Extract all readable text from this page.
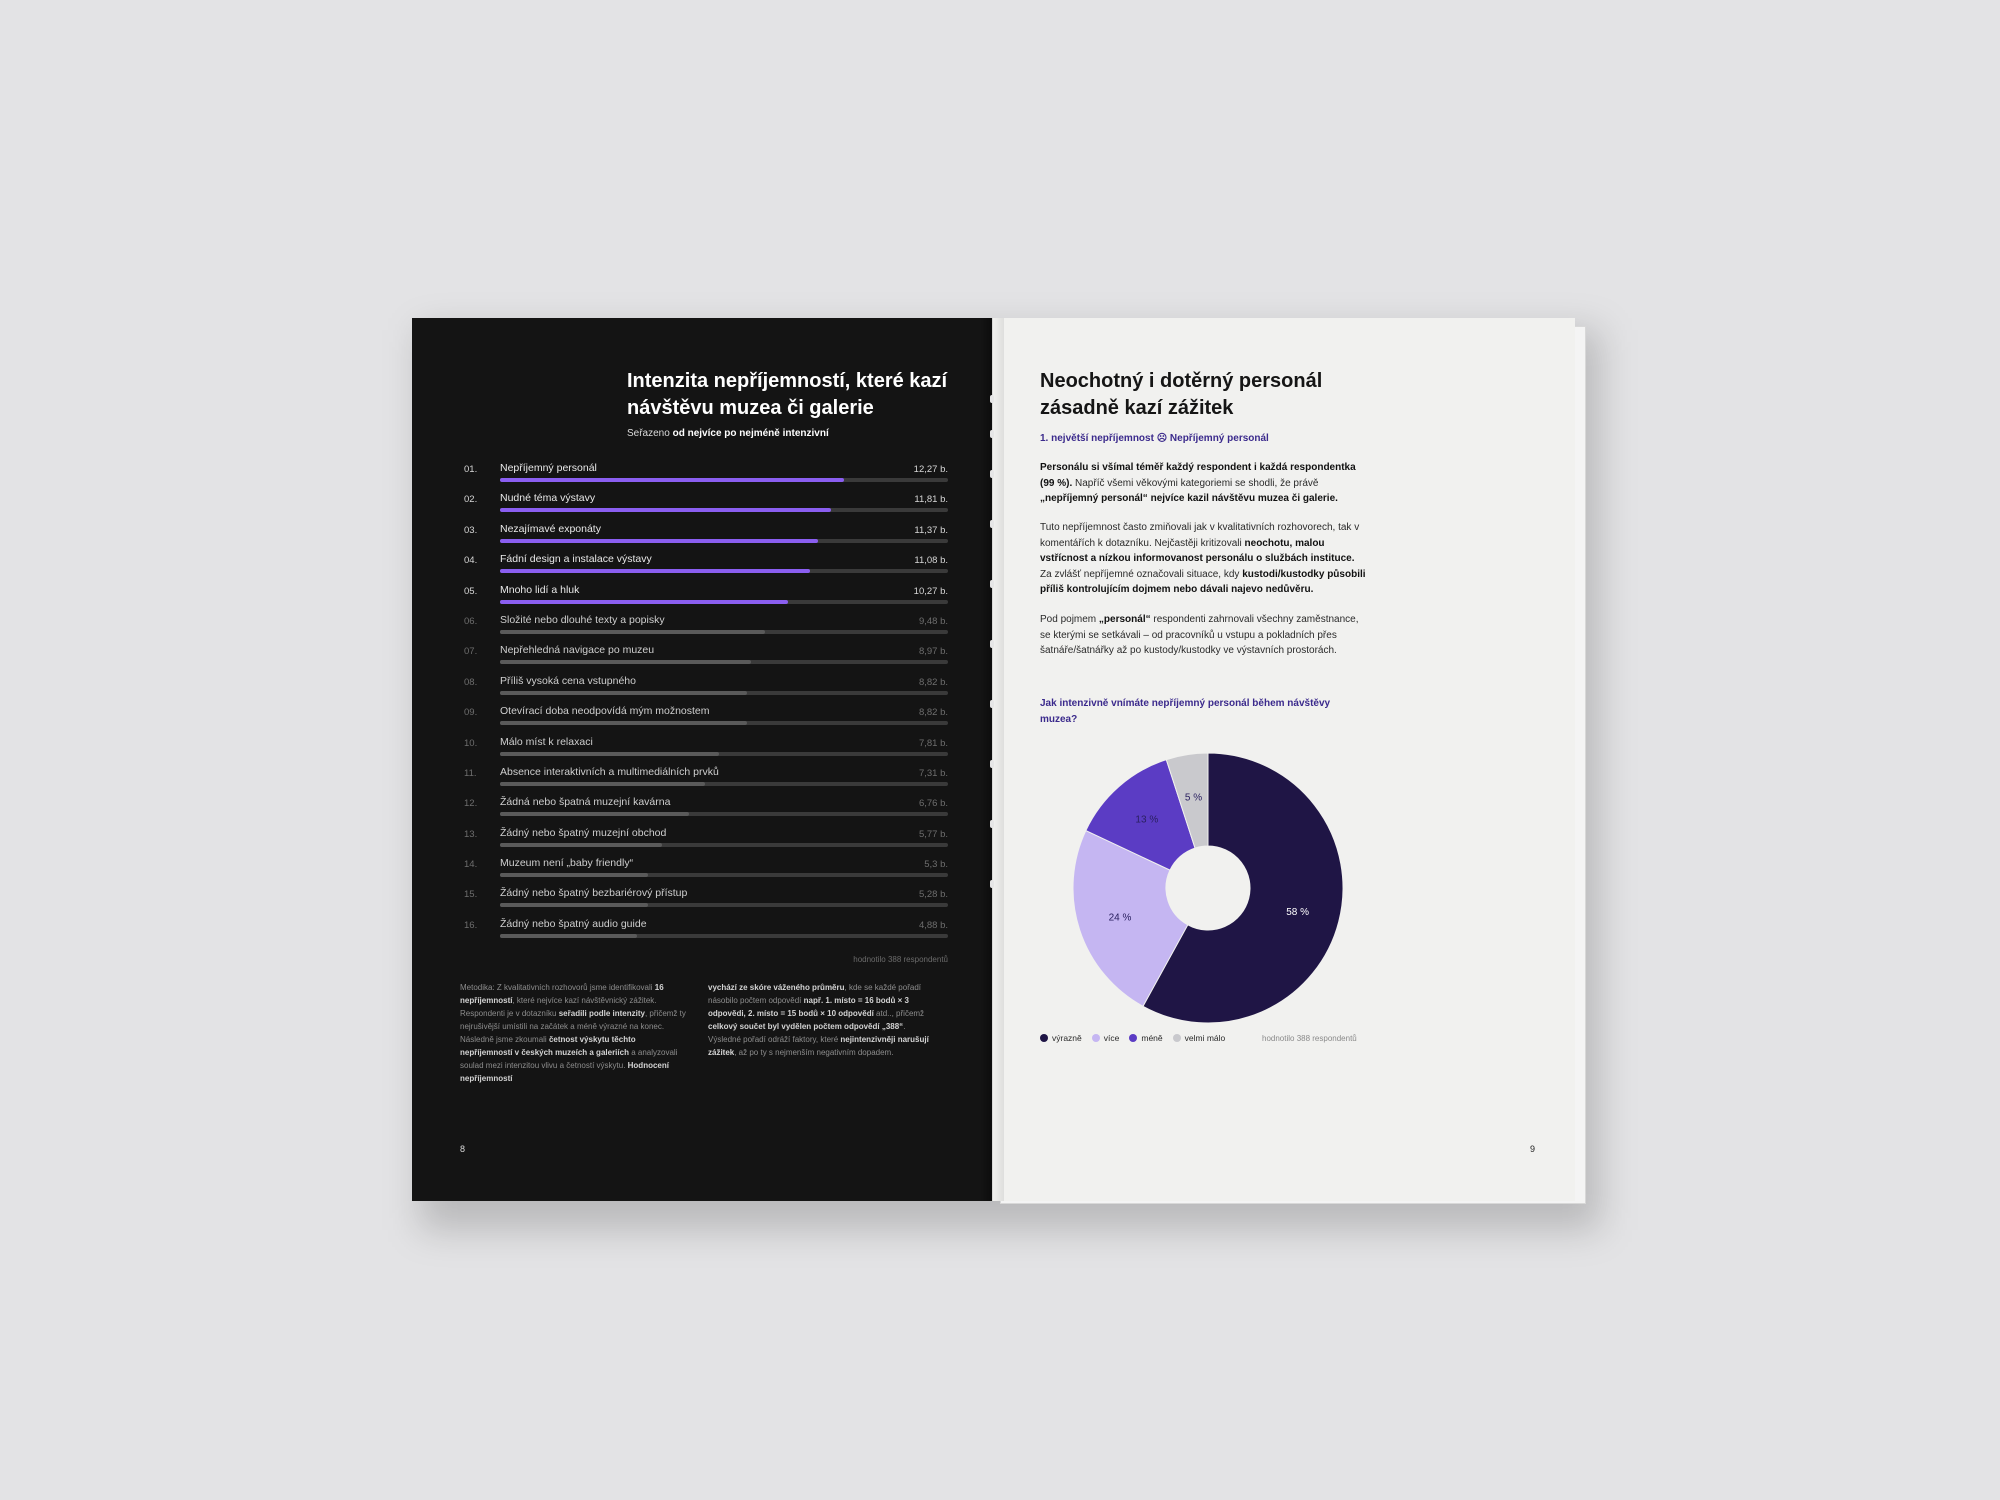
Intenzita nepříjemností, které kazí návštěvu muzea či galerie
Seřazeno od nejvíce po nejméně intenzivní
01. Nepříjemný personál	12,27 b.
02. Nudné téma výstavy	11,81 b.
03. Nezajímavé exponáty	11,37 b.
04. Fádní design a instalace výstavy	11,08 b.
05. Mnoho lidí a hluk	10,27 b.
06. Složité nebo dlouhé texty a popisky	9,48 b.
07. Nepřehledná navigace po muzeu	8,97 b.
08. Příliš vysoká cena vstupného	8,82 b.
09. Otevírací doba neodpovídá mým možnostem	8,82 b.
10. Málo míst k relaxaci	7,81 b.
11. Absence interaktivních a multimediálních prvků	7,31 b.
12. Žádná nebo špatná muzejní kavárna	6,76 b.
13. Žádný nebo špatný muzejní obchod	5,77 b.
14. Muzeum není „baby friendly“	5,3 b.
15. Žádný nebo špatný bezbariérový přístup	5,28 b.
16. Žádný nebo špatný audio guide	4,88 b.
hodnotilo 388 respondentů
Metodika: Z kvalitativních rozhovorů jsme identifikovali 16 nepříjemností, které nejvíce kazí návštěvnický zážitek. Respondenti je v dotazníku seřadili podle intenzity, přičemž ty nejrušivější umístili na začátek a méně výrazné na konec. Následně jsme zkoumali četnost výskytu těchto nepříjemností v českých muzeích a galeriích a analyzovali soulad mezi intenzitou vlivu a četností výskytu. Hodnocení nepříjemností
vychází ze skóre váženého průměru, kde se každé pořadí násobilo počtem odpovědí např. 1. místo = 16 bodů × 3 odpovědi, 2. místo = 15 bodů × 10 odpovědí atd.., přičemž celkový součet byl vydělen počtem odpovědí „388“. Výsledné pořadí odráží faktory, které nejintenzivněji narušují zážitek, až po ty s nejmenším negativním dopadem.
8
Neochotný i dotěrný personál zásadně kazí zážitek
1. největší nepříjemnost ☹ Nepříjemný personál
Personálu si všímal téměř každý respondent i každá respondentka (99 %). Napříč všemi věkovými kategoriemi se shodli, že právě „nepříjemný personál“ nejvíce kazil návštěvu muzea či galerie.
Tuto nepříjemnost často zmiňovali jak v kvalitativních rozhovorech, tak v komentářích k dotazníku. Nejčastěji kritizovali neochotu, malou vstřícnost a nízkou informovanost personálu o službách instituce. Za zvlášť nepříjemné označovali situace, kdy kustodi/kustodky působili příliš kontrolujícím dojmem nebo dávali najevo nedůvěru.
Pod pojmem „personál“ respondenti zahrnovali všechny zaměstnance, se kterými se setkávali – od pracovníků u vstupu a pokladních přes šatnáře/šatnářky až po kustody/kustodky ve výstavních prostorách.
Jak intenzivně vnímáte nepříjemný personál během návštěvy muzea?
58 %
24 %
13 %
5 %
výrazně	více	méně	velmi málo	hodnotilo 388 respondentů
9
